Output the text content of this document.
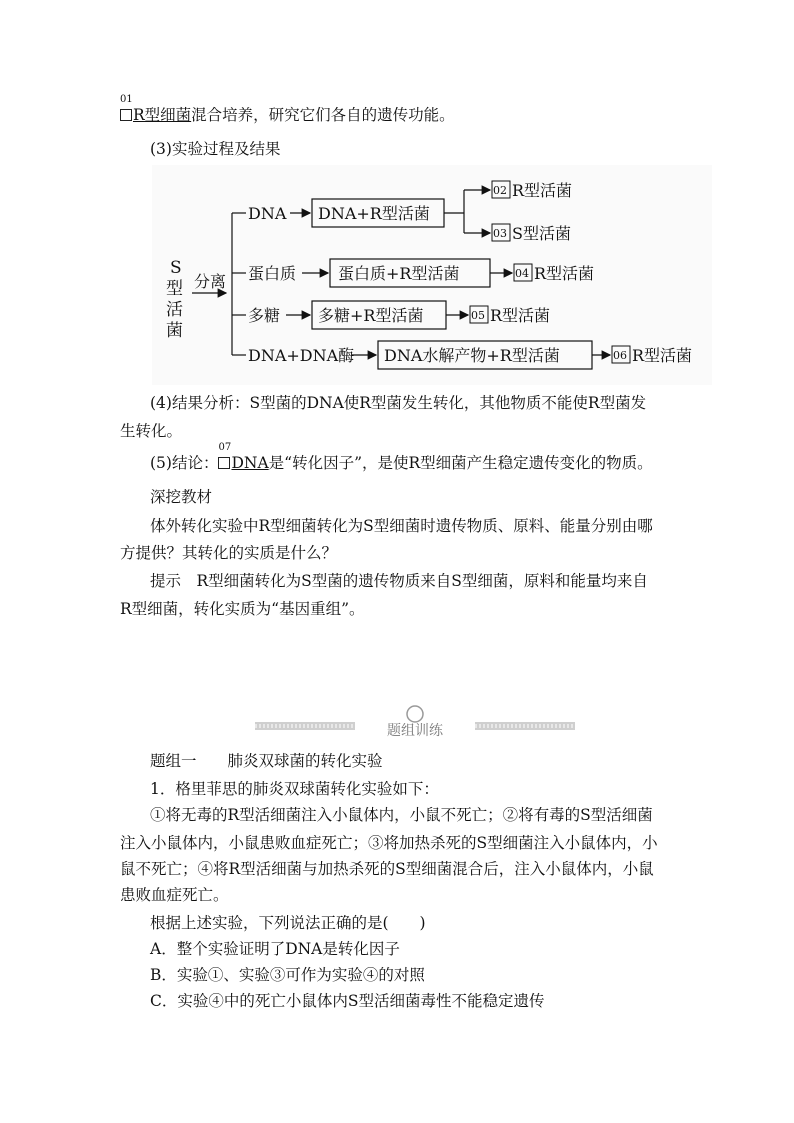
01
R型细菌混合培养，研究它们各自的遗传功能。
(3)实验过程及结果
S
型
活
菌
分离
DNA DNA+R型活菌
02 R型活菌
03 S型活菌
蛋白质	蛋白质+R型活菌	04 R型活菌
多糖 多糖+R型活菌	05 R型活菌
DNA+DNA酶 DNA水解产物+R型活菌	06 R型活菌
(4)结果分析：S型菌的DNA使R型菌发生转化，其他物质不能使R型菌发
生转化。
(5)结论：
07
DNA是“转化因子”，是使R型细菌产生稳定遗传变化的物质。
深挖教材
体外转化实验中R型细菌转化为S型细菌时遗传物质、原料、能量分别由哪
方提供？其转化的实质是什么？
提示　R型细菌转化为S型菌的遗传物质来自S型细菌，原料和能量均来自
R型细菌，转化实质为“基因重组”。
题组训练
题组一　　肺炎双球菌的转化实验
1．格里菲思的肺炎双球菌转化实验如下：
①将无毒的R型活细菌注入小鼠体内，小鼠不死亡；②将有毒的S型活细菌
注入小鼠体内，小鼠患败血症死亡；③将加热杀死的S型细菌注入小鼠体内，小
鼠不死亡；④将R型活细菌与加热杀死的S型细菌混合后，注入小鼠体内，小鼠
患败血症死亡。
根据上述实验，下列说法正确的是(　　)
A．整个实验证明了DNA是转化因子
B．实验①、实验③可作为实验④的对照
C．实验④中的死亡小鼠体内S型活细菌毒性不能稳定遗传
